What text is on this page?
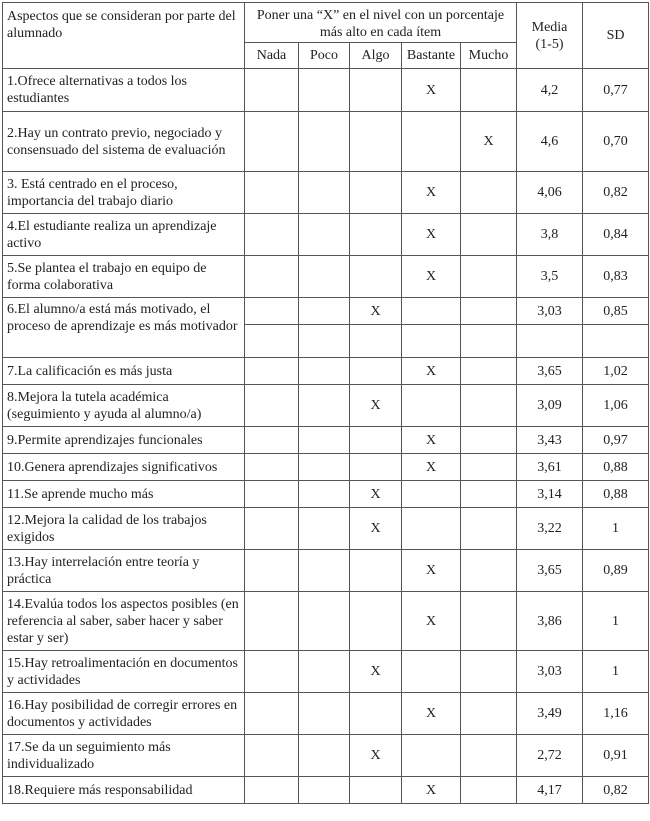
Aspectos que se consideran por parte del alumnado	Poner una “X” en el nivel con un porcentaje más alto en cada ítem					Media (1-5)	SD
	Nada	Poco	Algo	Bastante	Mucho		
1.Ofrece alternativas a todos los estudiantes				X		4,2	0,77
2.Hay un contrato previo, negociado y consensuado del sistema de evaluación					X	4,6	0,70
3. Está centrado en el proceso, importancia del trabajo diario				X		4,06	0,82
4.El estudiante realiza un aprendizaje activo				X		3,8	0,84
5.Se plantea el trabajo en equipo de forma colaborativa				X		3,5	0,83
6.El alumno/a está más motivado, el proceso de aprendizaje es más motivador			X			3,03	0,85

7.La calificación es más justa				X		3,65	1,02
8.Mejora la tutela académica (seguimiento y ayuda al alumno/a)			X			3,09	1,06
9.Permite aprendizajes funcionales				X		3,43	0,97
10.Genera aprendizajes significativos				X		3,61	0,88
11.Se aprende mucho más			X			3,14	0,88
12.Mejora la calidad de los trabajos exigidos			X			3,22	1
13.Hay interrelación entre teoría y práctica				X		3,65	0,89
14.Evalúa todos los aspectos posibles (en referencia al saber, saber hacer y saber estar y ser)				X		3,86	1
15.Hay retroalimentación en documentos y actividades			X			3,03	1
16.Hay posibilidad de corregir errores en documentos y actividades				X		3,49	1,16
17.Se da un seguimiento más individualizado			X			2,72	0,91
18.Requiere más responsabilidad				X		4,17	0,82
